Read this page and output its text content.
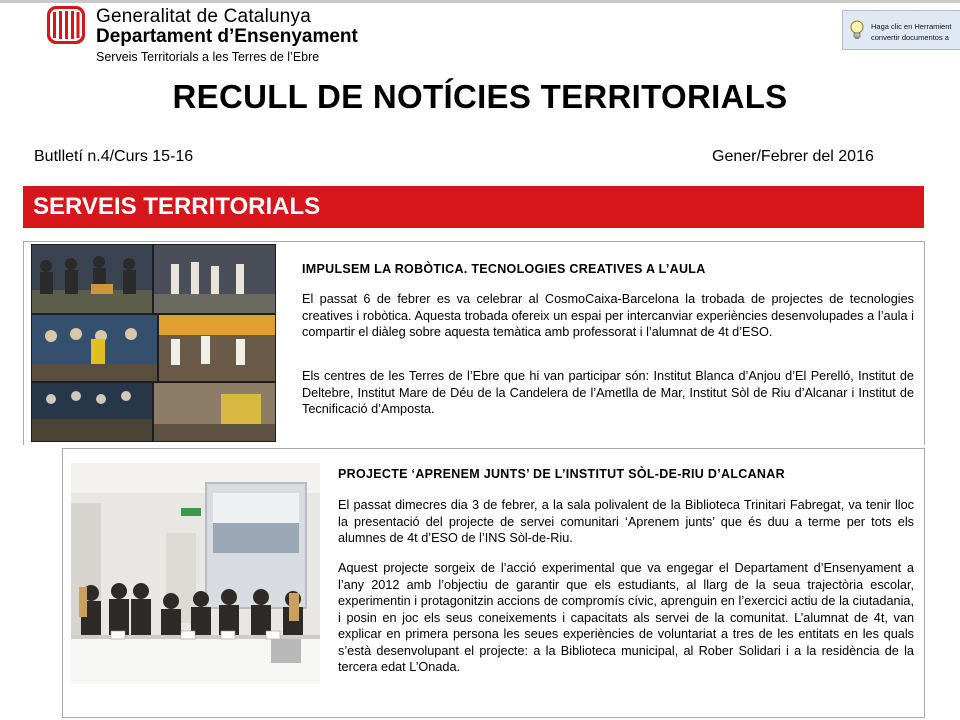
Generalitat de Catalunya
Departament d’Ensenyament
Serveis Territorials a les Terres de l’Ebre
Haga clic en Herramient
convertir documentos a
RECULL DE NOTÍCIES TERRITORIALS
Butlletí n.4/Curs 15-16	Gener/Febrer del 2016
SERVEIS TERRITORIALS
IMPULSEM LA ROBÒTICA. TECNOLOGIES CREATIVES A L’AULA
El passat 6 de febrer es va celebrar al CosmoCaixa-Barcelona la trobada de projectes de tecnologies creatives i robòtica. Aquesta trobada ofereix un espai per intercanviar experiències desenvolupades a l’aula i compartir el diàleg sobre aquesta temàtica amb professorat i l’alumnat de 4t d’ESO.
Els centres de les Terres de l’Ebre que hi van participar són: Institut Blanca d’Anjou d’El Perelló, Institut de Deltebre, Institut Mare de Déu de la Candelera de l’Ametlla de Mar, Institut Sòl de Riu d’Alcanar i Institut de Tecnificació d’Amposta.
PROJECTE ‘APRENEM JUNTS’ DE L’INSTITUT SÒL-DE-RIU D’ALCANAR
El passat dimecres dia 3 de febrer, a la sala polivalent de la Biblioteca Trinitari Fabregat, va tenir lloc la presentació del projecte de servei comunitari ‘Aprenem junts’ que és duu a terme per tots els alumnes de 4t d’ESO de l’INS Sòl-de-Riu.
Aquest projecte sorgeix de l’acció experimental que va engegar el Departament d’Ensenyament a l’any 2012 amb l’objectiu de garantir que els estudiants, al llarg de la seua trajectòria escolar, experimentin i protagonitzin accions de compromís cívic, aprenguin en l’exercici actiu de la ciutadania, i posin en joc els seus coneixements i capacitats als servei de la comunitat. L’alumnat de 4t, van explicar en primera persona les seues experiències de voluntariat a tres de les entitats en les quals s’està desenvolupant el projecte: a la Biblioteca municipal, al Rober Solidari i a la residència de la tercera edat L’Onada.
